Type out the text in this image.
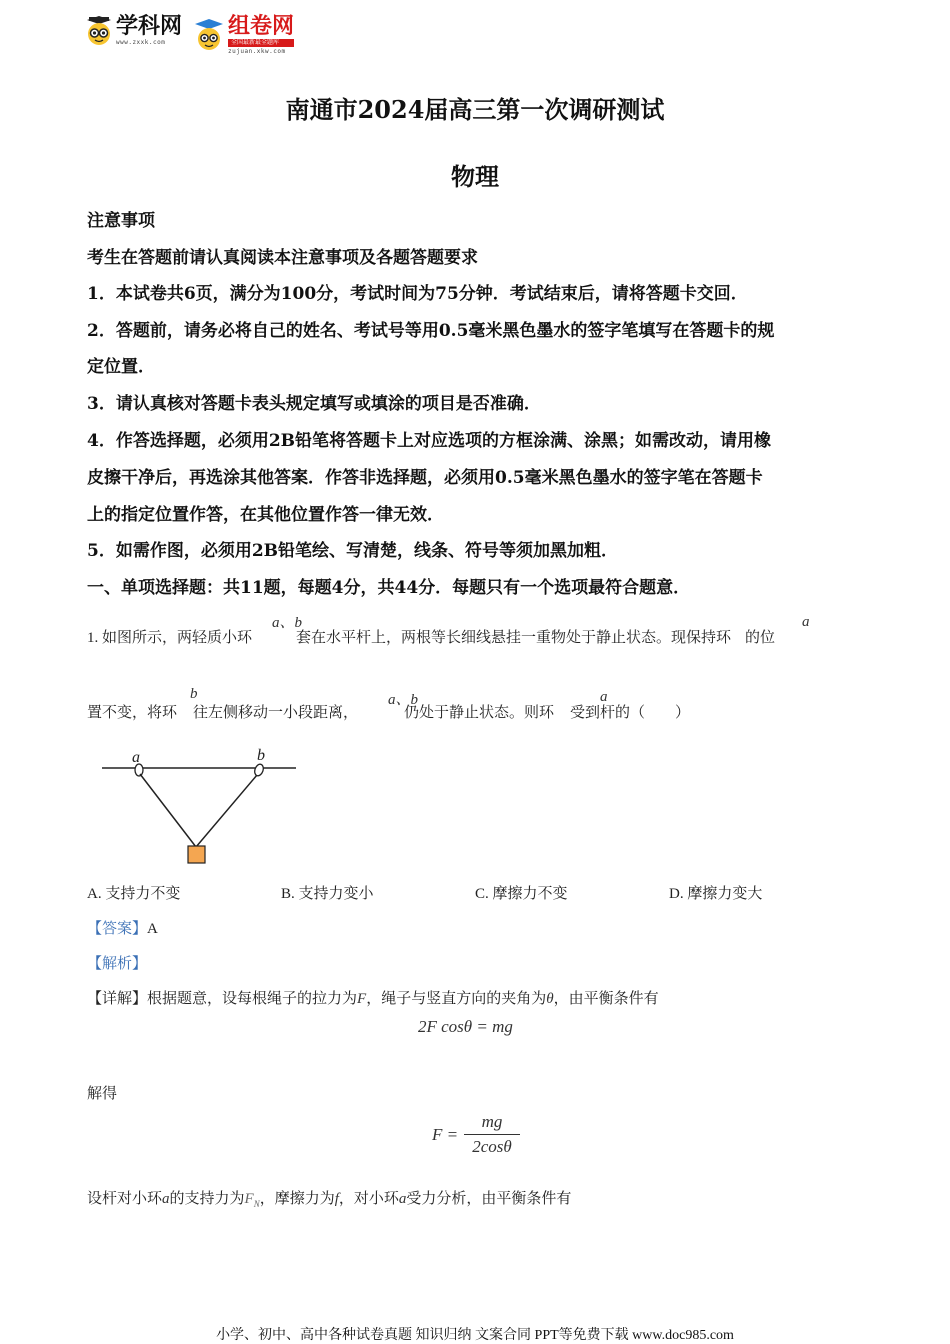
学科网
www.zxxk.com
组卷网
全国最新最全题库
zujuan.xkw.com
南通市2024届高三第一次调研测试
物理
注意事项
考生在答题前请认真阅读本注意事项及各题答题要求
1．本试卷共6页，满分为100分，考试时间为75分钟．考试结束后，请将答题卡交回．
2．答题前，请务必将自己的姓名、考试号等用0.5毫米黑色墨水的签字笔填写在答题卡的规
定位置．
3．请认真核对答题卡表头规定填写或填涂的项目是否准确．
4．作答选择题，必须用2B铅笔将答题卡上对应选项的方框涂满、涂黑；如需改动，请用橡
皮擦干净后，再选涂其他答案．作答非选择题，必须用0.5毫米黑色墨水的签字笔在答题卡
上的指定位置作答，在其他位置作答一律无效．
5．如需作图，必须用2B铅笔绘、写清楚，线条、符号等须加黑加粗．
一、单项选择题：共11题，每题4分，共44分．每题只有一个选项最符合题意．
1. 如图所示，两轻质小环	套在水平杆上，两根等长细线悬挂一重物处于静止状态。现保持环 的位
a、b	a
置不变，将环 往左侧移动一小段距离，	仍处于静止状态。则环 受到杆的（　　）
b	a、b	a
a	b
A. 支持力不变	B. 支持力变小	C. 摩擦力不变	D. 摩擦力变大
【答案】A
【解析】
【详解】根据题意，设每根绳子的拉力为F，绳子与竖直方向的夹角为θ，由平衡条件有
2F cosθ = mg
解得
F =
mg
2cosθ
设杆对小环a的支持力为$F_N$，摩擦力为f，对小环a受力分析，由平衡条件有
小学、初中、高中各种试卷真题 知识归纳 文案合同 PPT等免费下载 www.doc985.com
